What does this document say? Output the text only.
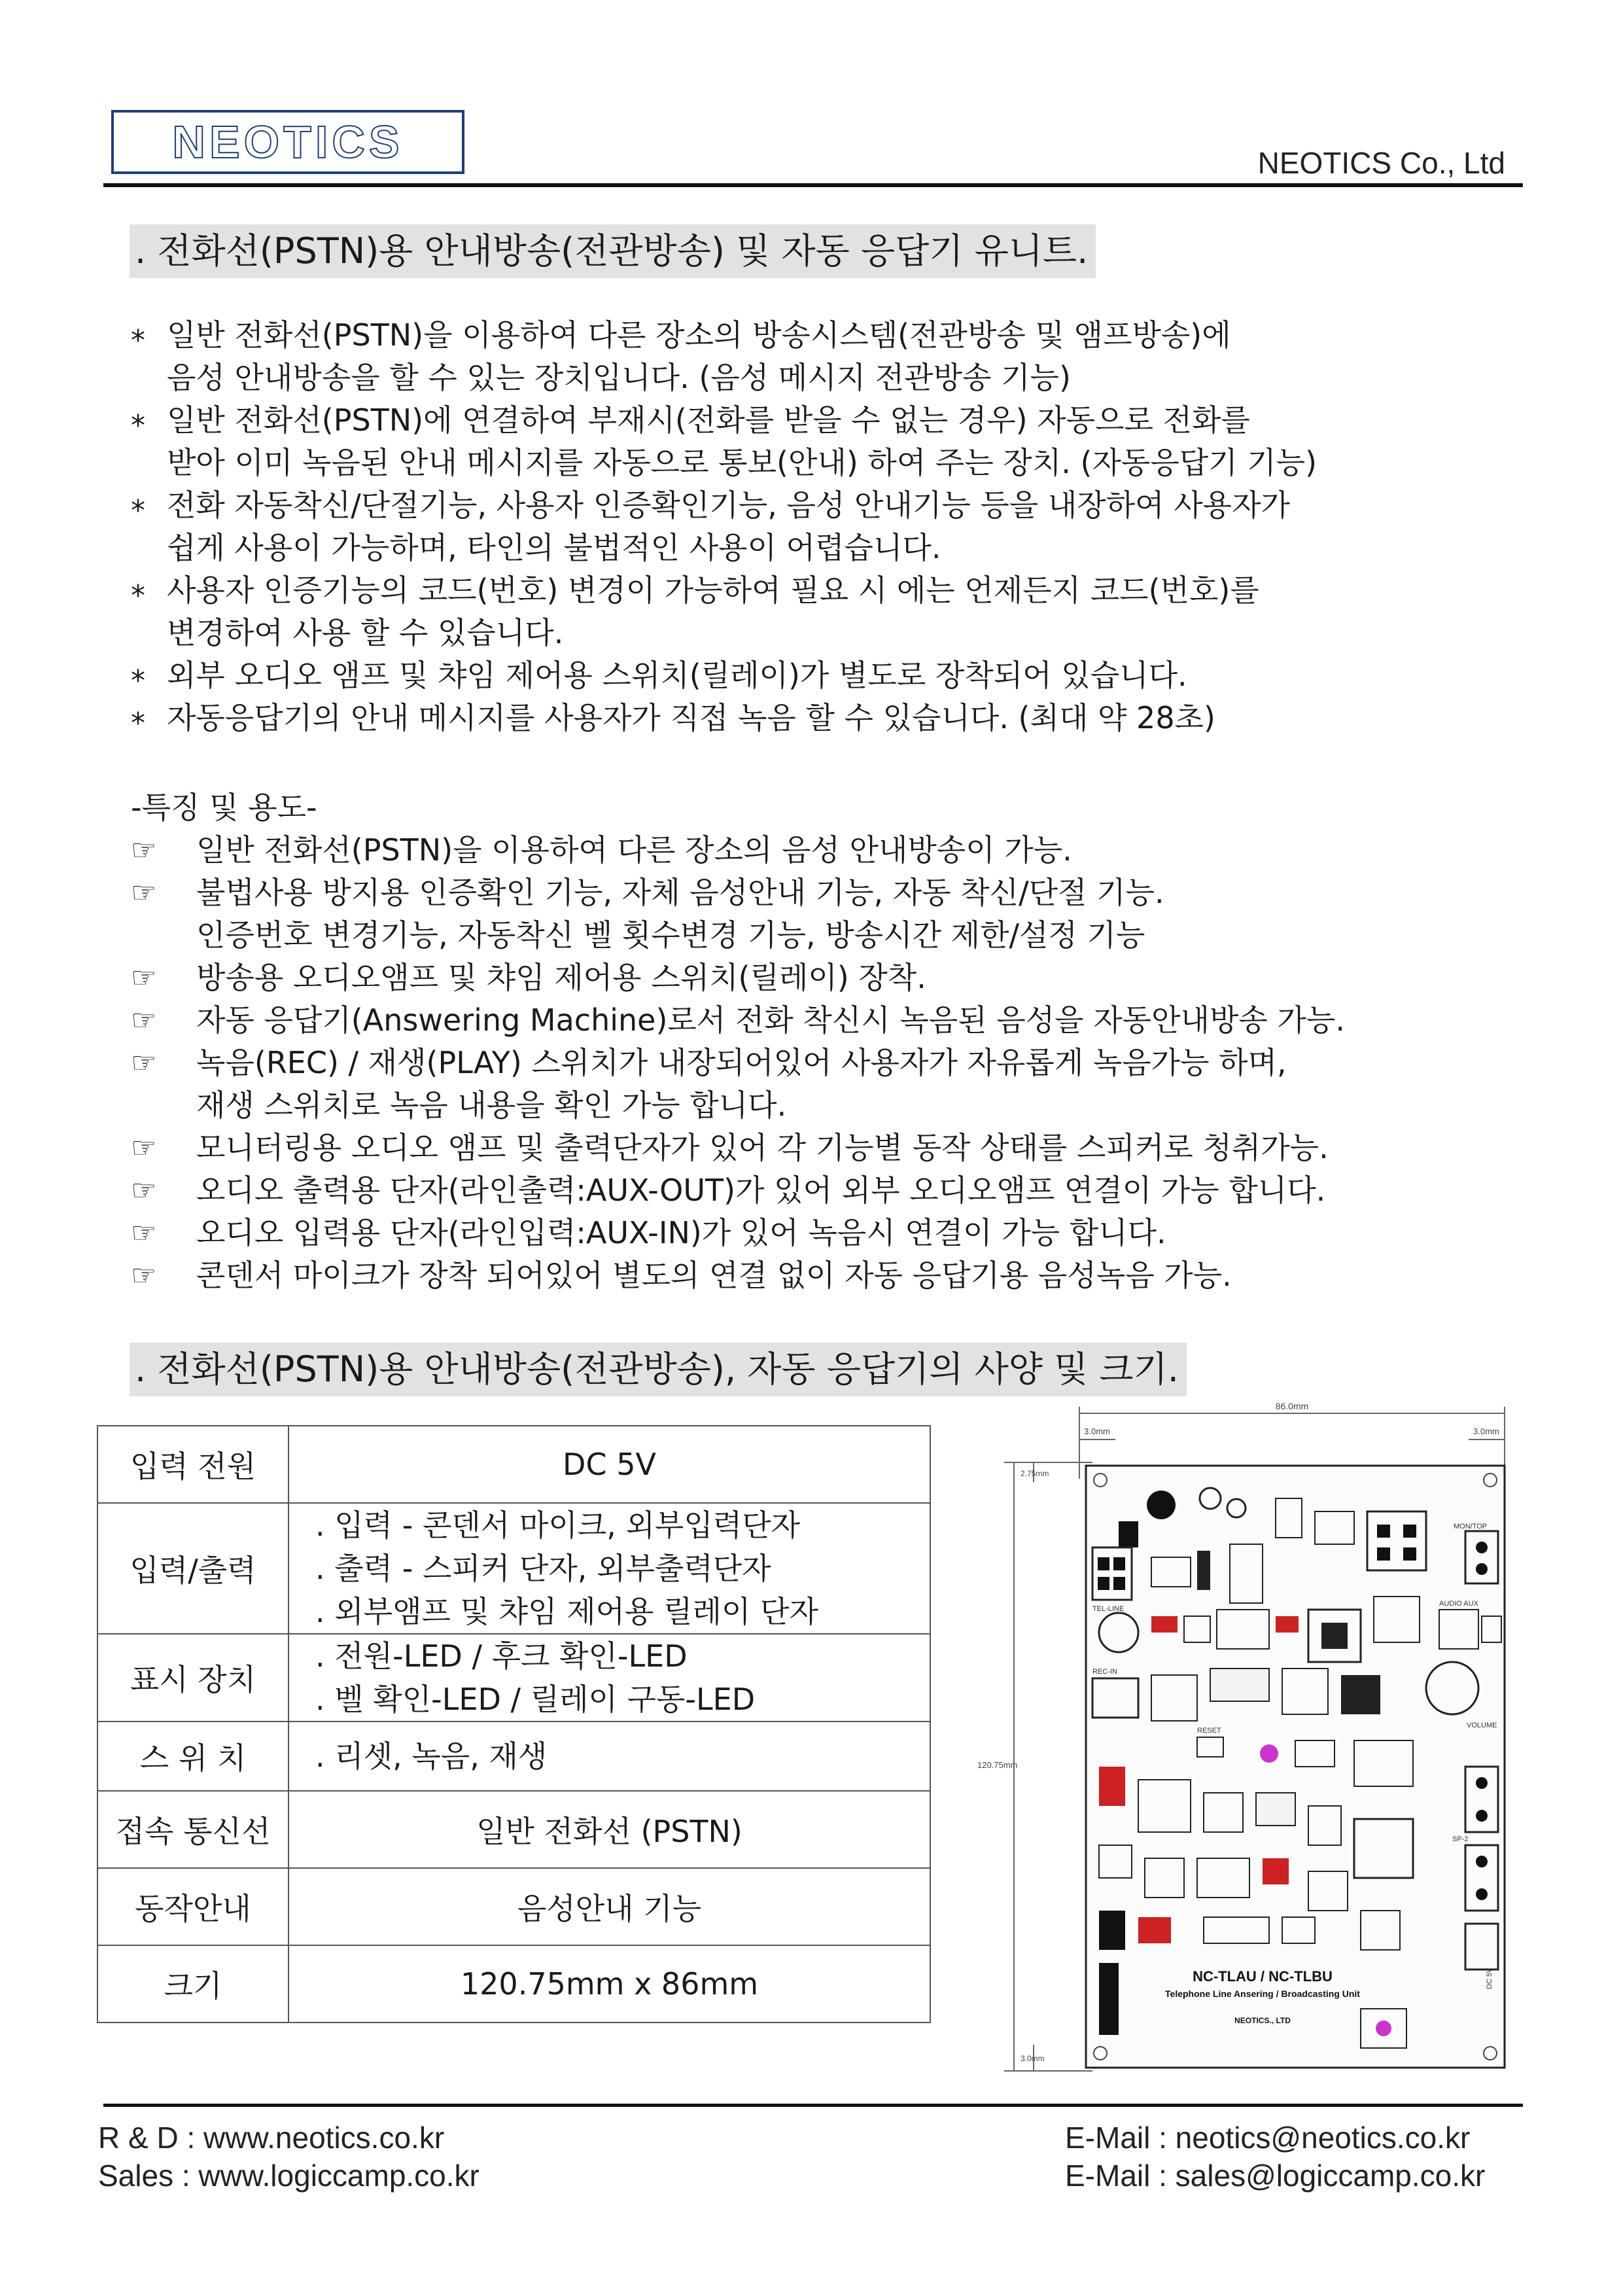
NEOTICS	NEOTICS Co., Ltd
. 전화선(PSTN)용 안내방송(전관방송) 및 자동 응답기 유니트.

*

일반 전화선(PSTN)을 이용하여 다른 장소의 방송시스템(전관방송 및 앰프방송)에

음성 안내방송을 할 수 있는 장치입니다. (음성 메시지 전관방송 기능)

*

일반 전화선(PSTN)에 연결하여 부재시(전화를 받을 수 없는 경우) 자동으로 전화를

받아 이미 녹음된 안내 메시지를 자동으로 통보(안내) 하여 주는 장치. (자동응답기 기능)

*

전화 자동착신/단절기능, 사용자 인증확인기능, 음성 안내기능 등을 내장하여 사용자가

쉽게 사용이 가능하며, 타인의 불법적인 사용이 어렵습니다.

*

사용자 인증기능의 코드(번호) 변경이 가능하여 필요 시 에는 언제든지 코드(번호)를

변경하여 사용 할 수 있습니다.

*

외부 오디오 앰프 및 챠임 제어용 스위치(릴레이)가 별도로 장착되어 있습니다.

*

자동응답기의 안내 메시지를 사용자가 직접 녹음 할 수 있습니다. (최대 약 28초)

-특징 및 용도-

☞

일반 전화선(PSTN)을 이용하여 다른 장소의 음성 안내방송이 가능.

☞

불법사용 방지용 인증확인 기능, 자체 음성안내 기능, 자동 착신/단절 기능.

인증번호 변경기능, 자동착신 벨 횟수변경 기능, 방송시간 제한/설정 기능

☞

방송용 오디오앰프 및 챠임 제어용 스위치(릴레이) 장착.

☞

자동 응답기(Answering Machine)로서 전화 착신시 녹음된 음성을 자동안내방송 가능.

☞

녹음(REC) / 재생(PLAY) 스위치가 내장되어있어 사용자가 자유롭게 녹음가능 하며,

재생 스위치로 녹음 내용을 확인 가능 합니다.

☞

모니터링용 오디오 앰프 및 출력단자가 있어 각 기능별 동작 상태를 스피커로 청취가능.

☞

오디오 출력용 단자(라인출력:AUX-OUT)가 있어 외부 오디오앰프 연결이 가능 합니다.

☞

오디오 입력용 단자(라인입력:AUX-IN)가 있어 녹음시 연결이 가능 합니다.

☞

콘덴서 마이크가 장착 되어있어 별도의 연결 없이 자동 응답기용 음성녹음 가능.

. 전화선(PSTN)용 안내방송(전관방송), 자동 응답기의 사양 및 크기.
입력 전원	DC 5V
입력/출력	. 입력 - 콘덴서 마이크, 외부입력단자
. 출력 - 스피커 단자, 외부출력단자
. 외부앰프 및 챠임 제어용 릴레이 단자

표시 장치	. 전원-LED / 후크 확인-LED
. 벨 확인-LED / 릴레이 구동-LED

스 위 치	. 리셋, 녹음, 재생
접속 통신선	일반 전화선 (PSTN)
동작안내	음성안내 기능
크기	120.75mm x 86mm
86.0mm
3.0mm	3.0mm
2.75mm
120.75mm
3.0mm
TEL-LINE
MON/TOP
AUDIO AUX
REC-IN
VOLUME
RESET
SP-2
DC 5V
NC-TLAU / NC-TLBU
Telephone Line Ansering / Broadcasting Unit
NEOTICS., LTD
R & D : www.neotics.co.kr
Sales : www.logiccamp.co.kr
E-Mail : neotics@neotics.co.kr
E-Mail : sales@logiccamp.co.kr
